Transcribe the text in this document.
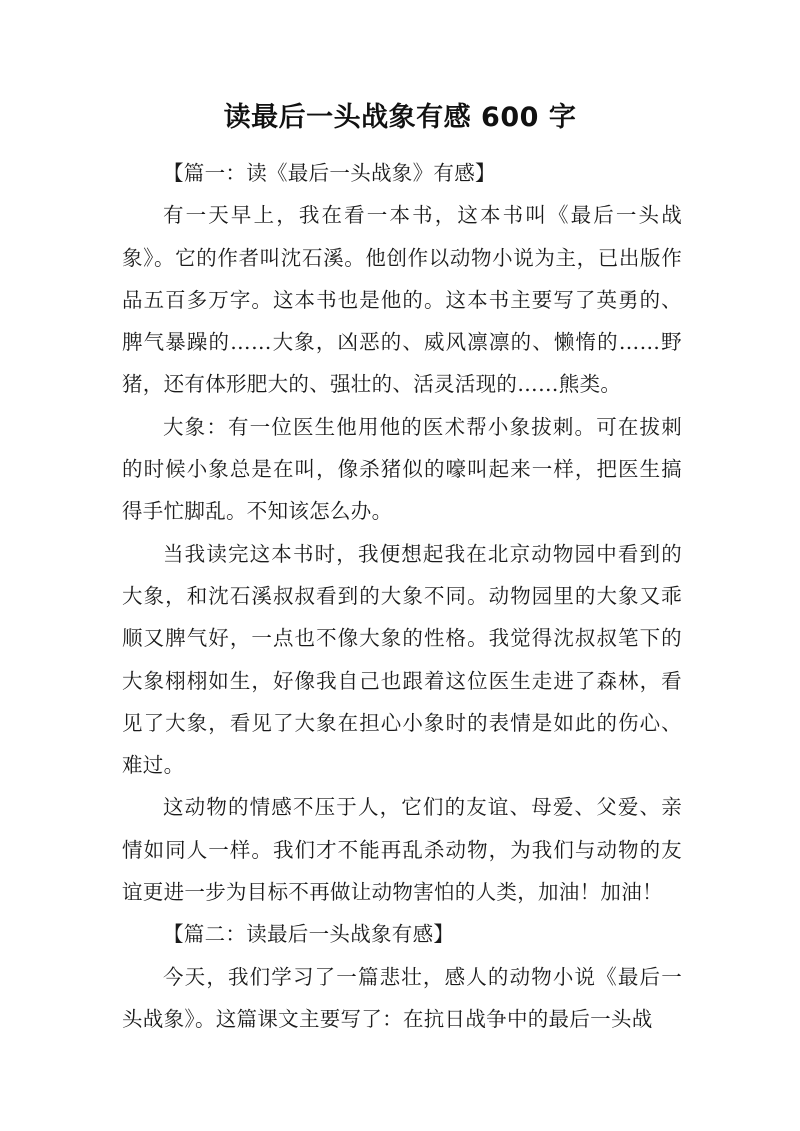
读最后一头战象有感 600 字

【篇一：读《最后一头战象》有感】

有一天早上，我在看一本书，这本书叫《最后一头战象》。它的作者叫沈石溪。他创作以动物小说为主，已出版作品五百多万字。这本书也是他的。这本书主要写了英勇的、脾气暴躁的……大象，凶恶的、威风凛凛的、懒惰的……野猪，还有体形肥大的、强壮的、活灵活现的……熊类。

大象：有一位医生他用他的医术帮小象拔刺。可在拔刺的时候小象总是在叫，像杀猪似的嚎叫起来一样，把医生搞得手忙脚乱。不知该怎么办。

当我读完这本书时，我便想起我在北京动物园中看到的大象，和沈石溪叔叔看到的大象不同。动物园里的大象又乖顺又脾气好，一点也不像大象的性格。我觉得沈叔叔笔下的大象栩栩如生，好像我自己也跟着这位医生走进了森林，看见了大象，看见了大象在担心小象时的表情是如此的伤心、难过。

这动物的情感不压于人，它们的友谊、母爱、父爱、亲情如同人一样。我们才不能再乱杀动物，为我们与动物的友谊更进一步为目标不再做让动物害怕的人类，加油！加油！

【篇二：读最后一头战象有感】

今天，我们学习了一篇悲壮，感人的动物小说《最后一头战象》。这篇课文主要写了：在抗日战争中的最后一头战
